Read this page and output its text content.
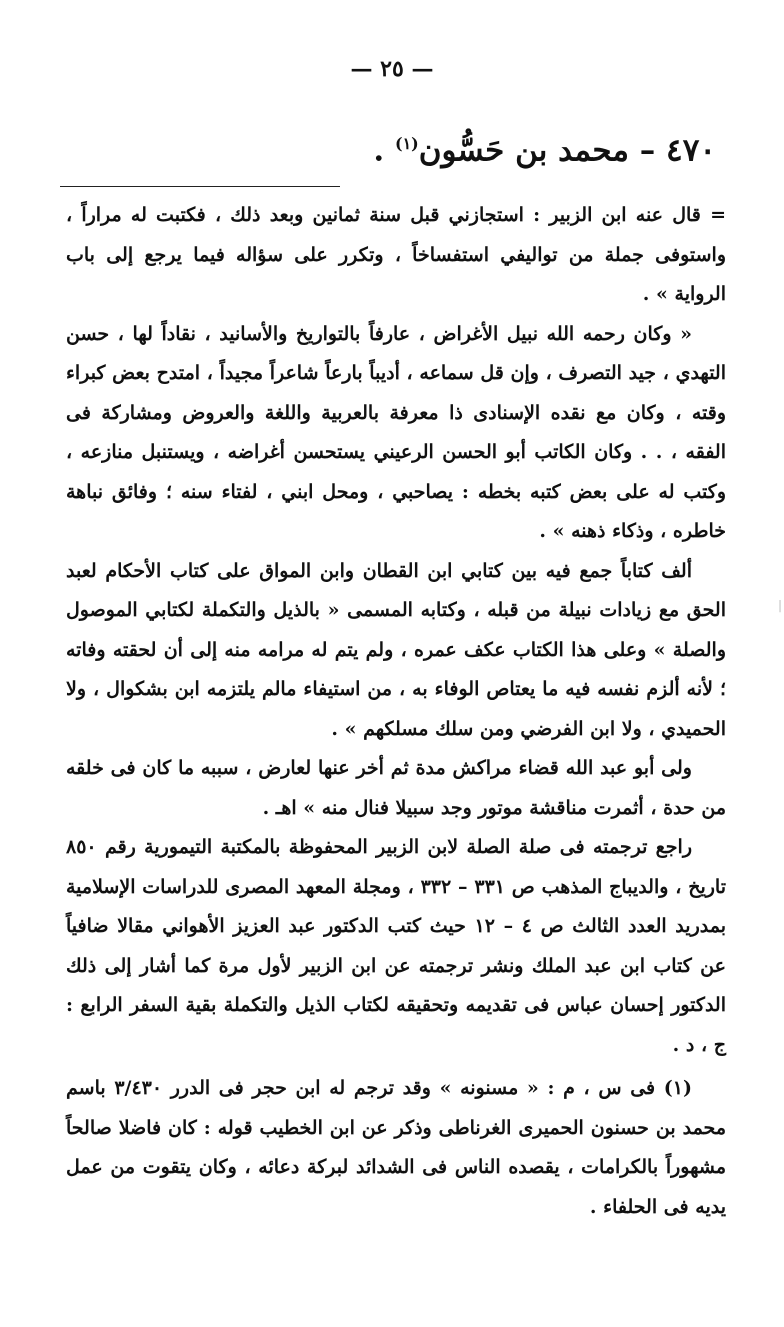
— ٢٥ —
٤٧٠ – محمد بن حَسُّون$^{(١)}$ .

= قال عنه ابن الزبير : استجازني قبل سنة ثمانين وبعد ذلك ، فكتبت له مراراً ، واستوفى جملة من تواليفي استفساخاً ، وتكرر على سؤاله فيما يرجع إلى باب الرواية » .

« وكان رحمه الله نبيل الأغراض ، عارفاً بالتواريخ والأسانيد ، نقاداً لها ، حسن التهدي ، جيد التصرف ، وإن قل سماعه ، أديباً بارعاً شاعراً مجيداً ، امتدح بعض كبراء وقته ، وكان مع نقده الإسنادى ذا معرفة بالعربية واللغة والعروض ومشاركة فى الفقه ، . . وكان الكاتب أبو الحسن الرعيني يستحسن أغراضه ، ويستنبل منازعه ، وكتب له على بعض كتبه بخطه : يصاحبي ، ومحل ابني ، لفتاء سنه ؛ وفائق نباهة خاطره ، وذكاء ذهنه » .

ألف كتاباً جمع فيه بين كتابي ابن القطان وابن المواق على كتاب الأحكام لعبد الحق مع زيادات نبيلة من قبله ، وكتابه المسمى « بالذيل والتكملة لكتابي الموصول والصلة » وعلى هذا الكتاب عكف عمره ، ولم يتم له مرامه منه إلى أن لحقته وفاته ؛ لأنه ألزم نفسه فيه ما يعتاص الوفاء به ، من استيفاء مالم يلتزمه ابن بشكوال ، ولا الحميدي ، ولا ابن الفرضي ومن سلك مسلكهم » .

ولى أبو عبد الله قضاء مراكش مدة ثم أخر عنها لعارض ، سببه ما كان فى خلقه من حدة ، أثمرت مناقشة موتور وجد سبيلا فنال منه » اهـ .

راجع ترجمته فى صلة الصلة لابن الزبير المحفوظة بالمكتبة التيمورية رقم ٨٥٠ تاريخ ، والديباج المذهب ص ٣٣١ – ٣٣٢ ، ومجلة المعهد المصرى للدراسات الإسلامية بمدريد العدد الثالث ص ٤ – ١٢ حيث كتب الدكتور عبد العزيز الأهواني مقالا ضافياً عن كتاب ابن عبد الملك ونشر ترجمته عن ابن الزبير لأول مرة كما أشار إلى ذلك الدكتور إحسان عباس فى تقديمه وتحقيقه لكتاب الذيل والتكملة بقية السفر الرابع : ج ، د .

(١) فى س ، م : « مسنونه » وقد ترجم له ابن حجر فى الدرر ٣/٤٣٠ باسم محمد بن حسنون الحميرى الغرناطى وذكر عن ابن الخطيب قوله : كان فاضلا صالحاً مشهوراً بالكرامات ، يقصده الناس فى الشدائد لبركة دعائه ، وكان يتقوت من عمل يديه فى الحلفاء .

|
